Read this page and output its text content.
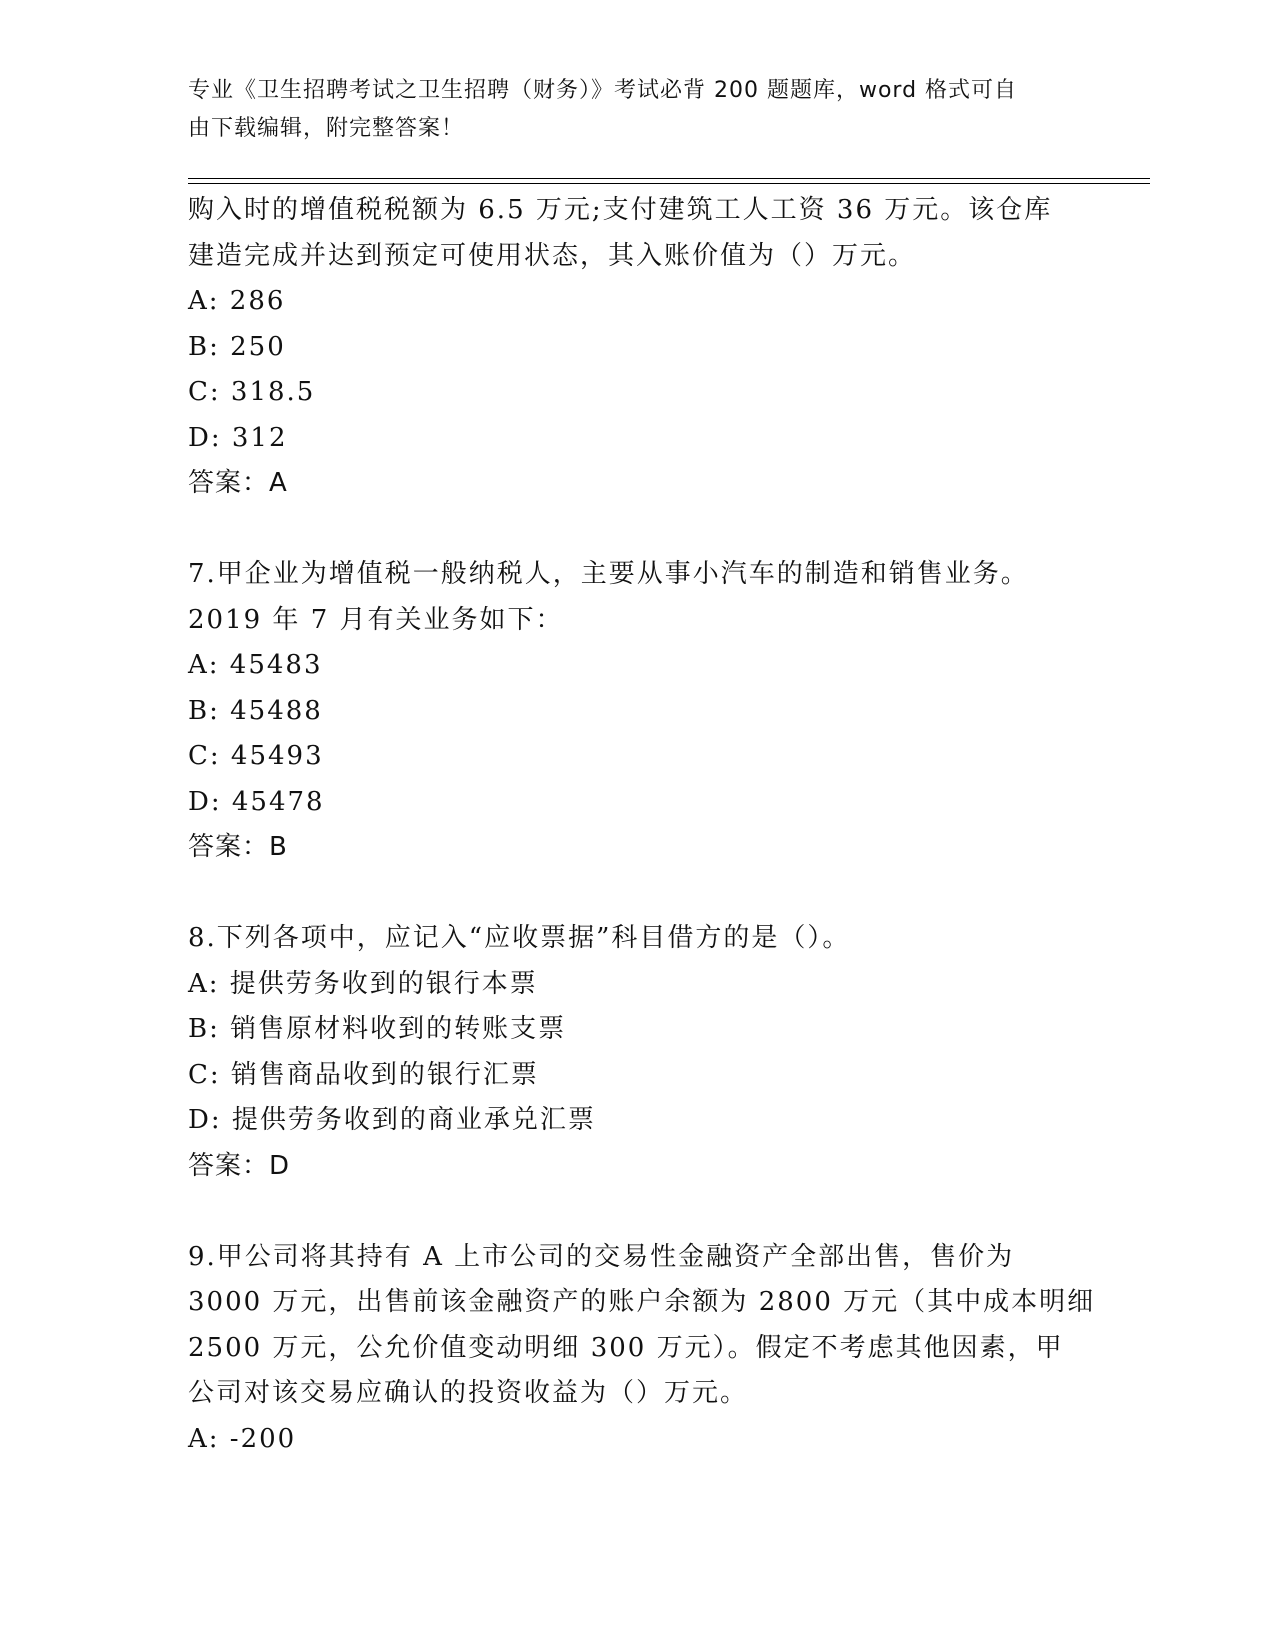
专业《卫生招聘考试之卫生招聘（财务）》考试必背 200 题题库，word 格式可自
由下载编辑，附完整答案！
购入时的增值税税额为 6.5 万元;支付建筑工人工资 36 万元。该仓库
建造完成并达到预定可使用状态，其入账价值为（）万元。
A: 286
B: 250
C: 318.5
D: 312
答案：A
7.甲企业为增值税一般纳税人，主要从事小汽车的制造和销售业务。
2019 年 7 月有关业务如下：
A: 45483
B: 45488
C: 45493
D: 45478
答案：B
8.下列各项中，应记入“应收票据”科目借方的是（）。
A: 提供劳务收到的银行本票
B: 销售原材料收到的转账支票
C: 销售商品收到的银行汇票
D: 提供劳务收到的商业承兑汇票
答案：D
9.甲公司将其持有 A 上市公司的交易性金融资产全部出售，售价为
3000 万元，出售前该金融资产的账户余额为 2800 万元（其中成本明细
2500 万元，公允价值变动明细 300 万元）。假定不考虑其他因素，甲
公司对该交易应确认的投资收益为（）万元。
A: -200
